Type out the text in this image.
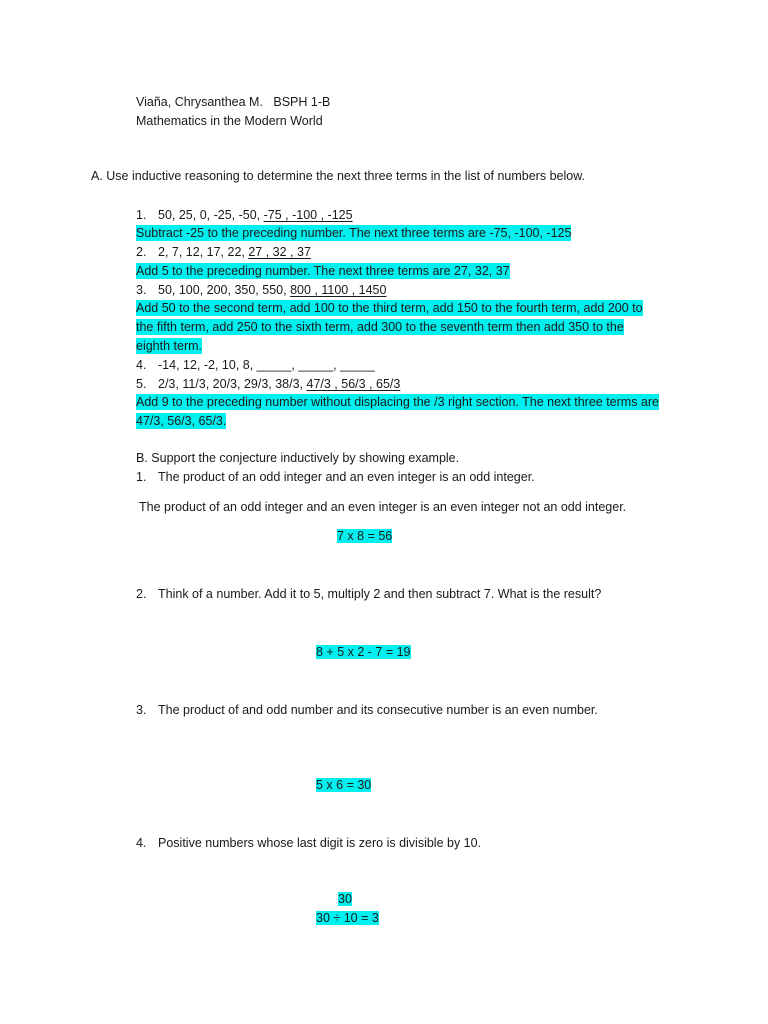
Viaña, Chrysanthea M. BSPH 1-B
Mathematics in the Modern World
A. Use inductive reasoning to determine the next three terms in the list of numbers below.
1. 50, 25, 0, -25, -50, -75 , -100 , -125
Subtract -25 to the preceding number. The next three terms are -75, -100, -125
2. 2, 7, 12, 17, 22, 27 , 32 , 37
Add 5 to the preceding number. The next three terms are 27, 32, 37
3. 50, 100, 200, 350, 550, 800 , 1100 , 1450
Add 50 to the second term, add 100 to the third term, add 150 to the fourth term, add 200 to
the fifth term, add 250 to the sixth term, add 300 to the seventh term then add 350 to the
eighth term.
4. -14, 12, -2, 10, 8, _____, _____, _____
5. 2/3, 11/3, 20/3, 29/3, 38/3, 47/3 , 56/3 , 65/3
Add 9 to the preceding number without displacing the /3 right section. The next three terms are
47/3, 56/3, 65/3.
B. Support the conjecture inductively by showing example.
1. The product of an odd integer and an even integer is an odd integer.
The product of an odd integer and an even integer is an even integer not an odd integer.
7 x 8 = 56
2. Think of a number. Add it to 5, multiply 2 and then subtract 7. What is the result?
8 + 5 x 2 - 7 = 19
3. The product of and odd number and its consecutive number is an even number.
5 x 6 = 30
4. Positive numbers whose last digit is zero is divisible by 10.
30
30 ÷ 10 = 3
